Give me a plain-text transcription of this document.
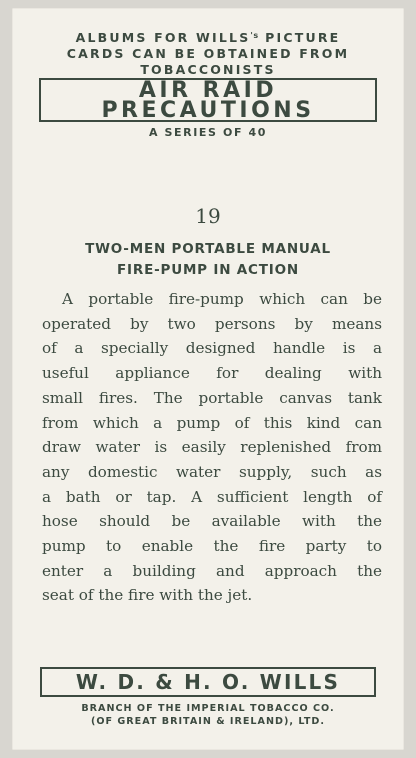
ALBUMS FOR $WILLS^{'s}$ PICTURE
CARDS CAN BE OBTAINED FROM
TOBACCONISTS
AIR RAID
PRECAUTIONS
A SERIES OF 40
19
TWO-MEN PORTABLE MANUAL
FIRE-PUMP IN ACTION
A portable fire-pump which can be
operated by two persons by means
of a specially designed handle is a
useful appliance for dealing with
small fires. The portable canvas tank
from which a pump of this kind can
draw water is easily replenished from
any domestic water supply, such as
a bath or tap. A sufficient length of
hose should be available with the
pump to enable the fire party to
enter a building and approach the
seat of the fire with the jet.
W. D. & H. O. WILLS
BRANCH OF THE IMPERIAL TOBACCO CO.
(OF GREAT BRITAIN & IRELAND), LTD.
